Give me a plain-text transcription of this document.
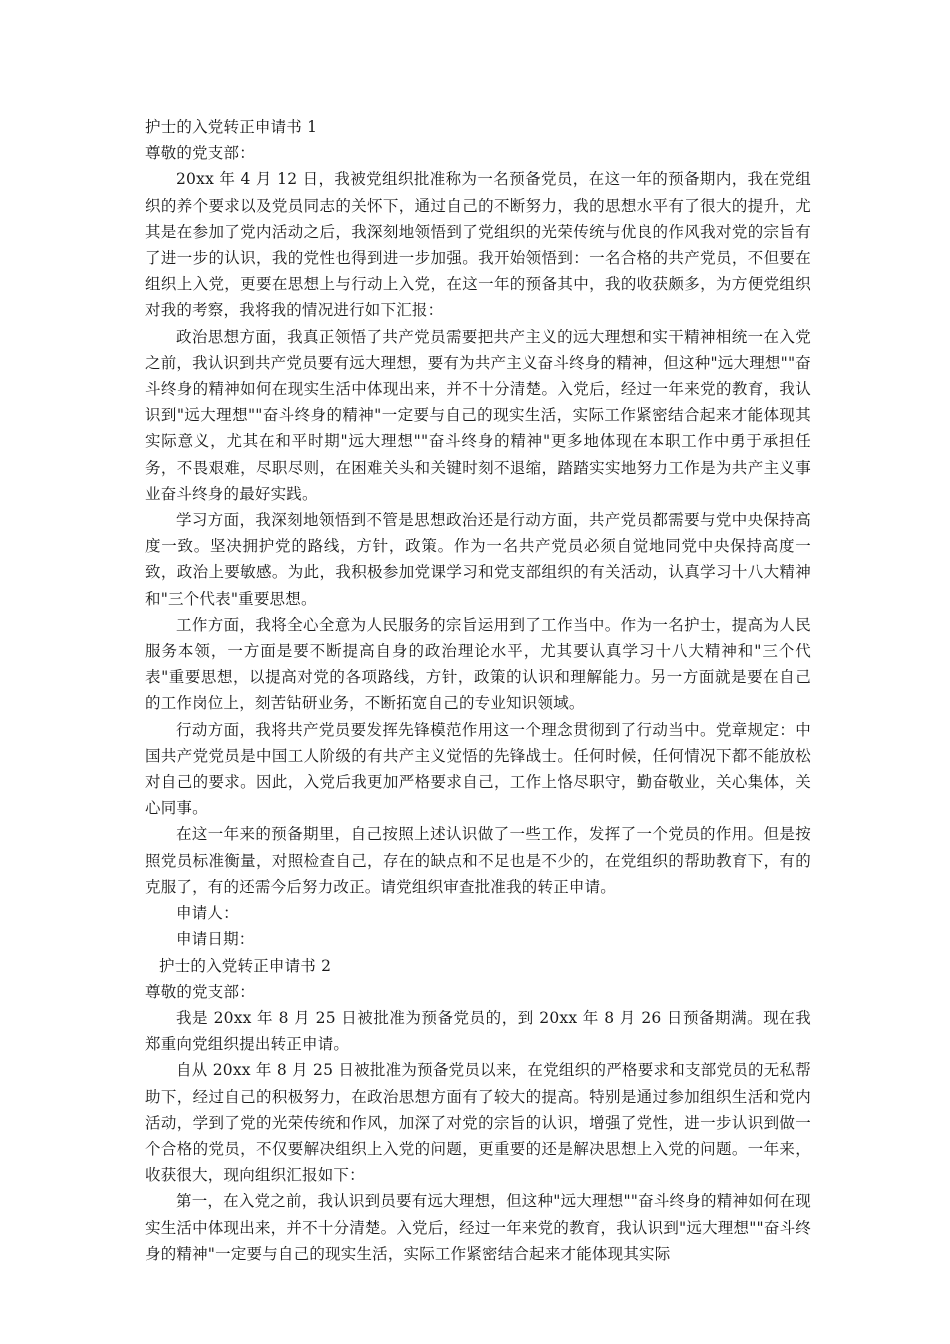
护士的入党转正申请书 1

尊敬的党支部：

20xx 年 4 月 12 日，我被党组织批准称为一名预备党员，在这一年的预备期内，我在党组织的养个要求以及党员同志的关怀下，通过自己的不断努力，我的思想水平有了很大的提升，尤其是在参加了党内活动之后，我深刻地领悟到了党组织的光荣传统与优良的作风我对党的宗旨有了进一步的认识，我的党性也得到进一步加强。我开始领悟到：一名合格的共产党员，不但要在组织上入党，更要在思想上与行动上入党，在这一年的预备其中，我的收获颇多，为方便党组织对我的考察，我将我的情况进行如下汇报：

政治思想方面，我真正领悟了共产党员需要把共产主义的远大理想和实干精神相统一在入党之前，我认识到共产党员要有远大理想，要有为共产主义奋斗终身的精神，但这种"远大理想""奋斗终身的精神如何在现实生活中体现出来，并不十分清楚。入党后，经过一年来党的教育，我认识到"远大理想""奋斗终身的精神"一定要与自己的现实生活，实际工作紧密结合起来才能体现其实际意义，尤其在和平时期"远大理想""奋斗终身的精神"更多地体现在本职工作中勇于承担任务，不畏艰难，尽职尽则，在困难关头和关键时刻不退缩，踏踏实实地努力工作是为共产主义事业奋斗终身的最好实践。

学习方面，我深刻地领悟到不管是思想政治还是行动方面，共产党员都需要与党中央保持高度一致。坚决拥护党的路线，方针，政策。作为一名共产党员必须自觉地同党中央保持高度一致，政治上要敏感。为此，我积极参加党课学习和党支部组织的有关活动，认真学习十八大精神和"三个代表"重要思想。

工作方面，我将全心全意为人民服务的宗旨运用到了工作当中。作为一名护士，提高为人民服务本领，一方面是要不断提高自身的政治理论水平，尤其要认真学习十八大精神和"三个代表"重要思想，以提高对党的各项路线，方针，政策的认识和理解能力。另一方面就是要在自己的工作岗位上，刻苦钻研业务，不断拓宽自己的专业知识领域。

行动方面，我将共产党员要发挥先锋模范作用这一个理念贯彻到了行动当中。党章规定：中国共产党党员是中国工人阶级的有共产主义觉悟的先锋战士。任何时候，任何情况下都不能放松对自己的要求。因此，入党后我更加严格要求自己，工作上恪尽职守，勤奋敬业，关心集体，关心同事。

在这一年来的预备期里，自己按照上述认识做了一些工作，发挥了一个党员的作用。但是按照党员标准衡量，对照检查自己，存在的缺点和不足也是不少的，在党组织的帮助教育下，有的克服了，有的还需今后努力改正。请党组织审查批准我的转正申请。

申请人：

申请日期：

护士的入党转正申请书 2

尊敬的党支部：

我是 20xx 年 8 月 25 日被批准为预备党员的，到 20xx 年 8 月 26 日预备期满。现在我郑重向党组织提出转正申请。

自从 20xx 年 8 月 25 日被批准为预备党员以来，在党组织的严格要求和支部党员的无私帮助下，经过自己的积极努力，在政治思想方面有了较大的提高。特别是通过参加组织生活和党内活动，学到了党的光荣传统和作风，加深了对党的宗旨的认识，增强了党性，进一步认识到做一个合格的党员，不仅要解决组织上入党的问题，更重要的还是解决思想上入党的问题。一年来，收获很大，现向组织汇报如下：

第一，在入党之前，我认识到员要有远大理想，但这种"远大理想""奋斗终身的精神如何在现实生活中体现出来，并不十分清楚。入党后，经过一年来党的教育，我认识到"远大理想""奋斗终身的精神"一定要与自己的现实生活，实际工作紧密结合起来才能体现其实际
